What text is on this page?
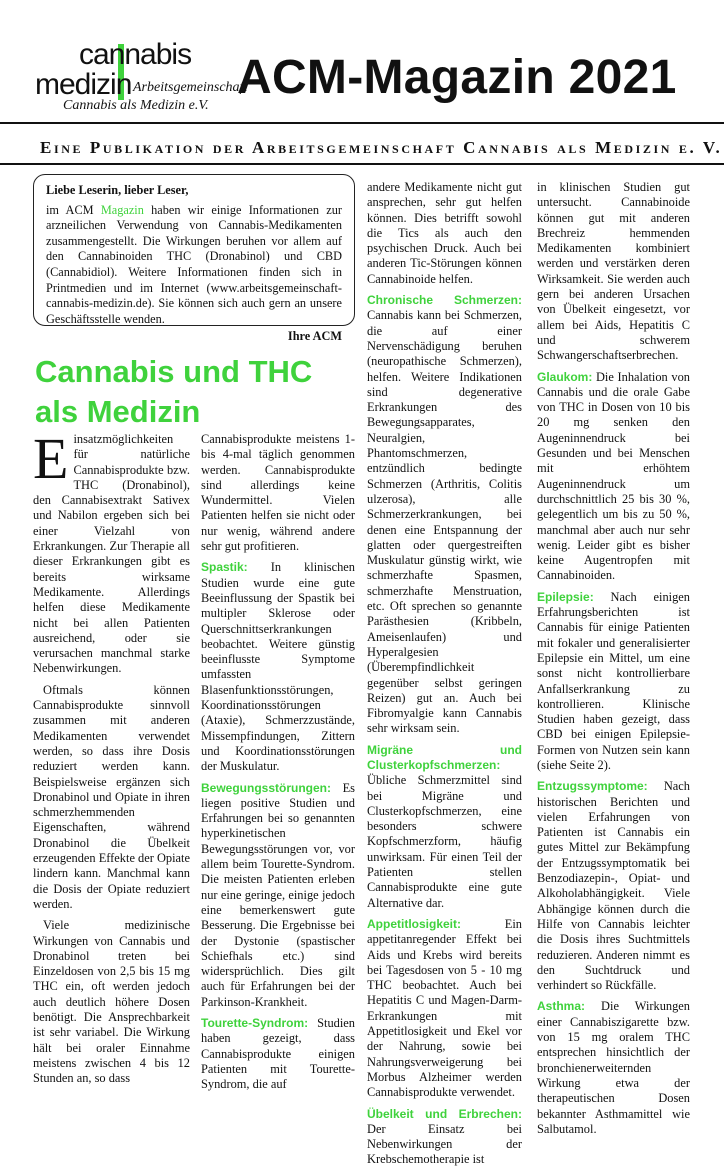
cannabis
medizin Arbeitsgemeinschaft
Cannabis als Medizin e.V.
ACM-Magazin 2021
Eine Publikation der Arbeitsgemeinschaft Cannabis als Medizin e. V.
Liebe Leserin, lieber Leser,
im ACM Magazin haben wir einige Informationen zur arzneilichen Verwendung von Cannabis-Medikamenten zusammengestellt. Die Wirkungen beruhen vor allem auf den Cannabinoiden THC (Dronabinol) und CBD (Cannabidiol). Weitere Informationen finden sich in Printmedien und im Internet (www.arbeitsgemeinschaft-cannabis-medizin.de). Sie können sich auch gern an unsere Geschäftsstelle wenden.
Ihre ACM
Cannabis und THC
als Medizin

Einsatzmöglichkeiten für natürliche Cannabisprodukte bzw. THC (Dronabinol), den Cannabisextrakt Sativex und Nabilon ergeben sich bei einer Vielzahl von Erkrankungen. Zur Therapie all dieser Erkrankungen gibt es bereits wirksame Medikamente. Allerdings helfen diese Medikamente nicht bei allen Patienten ausreichend, oder sie verursachen manchmal starke Nebenwirkungen.

Oftmals können Cannabisprodukte sinnvoll zusammen mit anderen Medikamenten verwendet werden, so dass ihre Dosis reduziert werden kann. Beispielsweise ergänzen sich Dronabinol und Opiate in ihren schmerzhemmenden Eigenschaften, während Dronabinol die Übelkeit erzeugenden Effekte der Opiate lindern kann. Manchmal kann die Dosis der Opiate reduziert werden.

Viele medizinische Wirkungen von Cannabis und Dronabinol treten bei Einzeldosen von 2,5 bis 15 mg THC ein, oft werden jedoch auch deutlich höhere Dosen benötigt. Die Ansprechbarkeit ist sehr variabel. Die Wirkung hält bei oraler Einnahme meistens zwischen 4 bis 12 Stunden an, so dass

Cannabisprodukte meistens 1-bis 4-mal täglich genommen werden. Cannabisprodukte sind allerdings keine Wundermittel. Vielen Patienten helfen sie nicht oder nur wenig, während andere sehr gut profitieren.

Spastik: In klinischen Studien wurde eine gute Beeinflussung der Spastik bei multipler Sklerose oder Querschnittserkrankungen beobachtet. Weitere günstig beeinflusste Symptome umfassten Blasenfunktionsstörungen, Koordinationsstörungen (Ataxie), Schmerzzustände, Missempfindungen, Zittern und Koordinationsstörungen der Muskulatur.

Bewegungsstörungen: Es liegen positive Studien und Erfahrungen bei so genannten hyperkinetischen Bewegungsstörungen vor, vor allem beim Tourette-Syndrom. Die meisten Patienten erleben nur eine geringe, einige jedoch eine bemerkenswert gute Besserung. Die Ergebnisse bei der Dystonie (spastischer Schiefhals etc.) sind widersprüchlich. Dies gilt auch für Erfahrungen bei der Parkinson-Krankheit.

Tourette-Syndrom: Studien haben gezeigt, dass Cannabisprodukte einigen Patienten mit Tourette-Syndrom, die auf

andere Medikamente nicht gut ansprechen, sehr gut helfen können. Dies betrifft sowohl die Tics als auch den psychischen Druck. Auch bei anderen Tic-Störungen können Cannabinoide helfen.

Chronische Schmerzen: Cannabis kann bei Schmerzen, die auf einer Nervenschädigung beruhen (neuropathische Schmerzen), helfen. Weitere Indikationen sind degenerative Erkrankungen des Bewegungsapparates, Neuralgien, Phantomschmerzen, entzündlich bedingte Schmerzen (Arthritis, Colitis ulzerosa), alle Schmerzerkrankungen, bei denen eine Entspannung der glatten oder quergestreiften Muskulatur günstig wirkt, wie schmerzhafte Spasmen, schmerzhafte Menstruation, etc. Oft sprechen so genannte Parästhesien (Kribbeln, Ameisenlaufen) und Hyperalgesien (Überempfindlichkeit gegenüber selbst geringen Reizen) gut an. Auch bei Fibromyalgie kann Cannabis sehr wirksam sein.

Migräne und Clusterkopfschmerzen: Übliche Schmerzmittel sind bei Migräne und Clusterkopfschmerzen, eine besonders schwere Kopfschmerzform, häufig unwirksam. Für einen Teil der Patienten stellen Cannabisprodukte eine gute Alternative dar.

Appetitlosigkeit: Ein appetitanregender Effekt bei Aids und Krebs wird bereits bei Tagesdosen von 5 - 10 mg THC beobachtet. Auch bei Hepatitis C und Magen-Darm-Erkrankungen mit Appetitlosigkeit und Ekel vor der Nahrung, sowie bei Nahrungsverweigerung bei Morbus Alzheimer werden Cannabisprodukte verwendet.

Übelkeit und Erbrechen: Der Einsatz bei Nebenwirkungen der Krebschemotherapie ist

in klinischen Studien gut untersucht. Cannabinoide können gut mit anderen Brechreiz hemmenden Medikamenten kombiniert werden und verstärken deren Wirksamkeit. Sie werden auch gern bei anderen Ursachen von Übelkeit eingesetzt, vor allem bei Aids, Hepatitis C und schwerem Schwangerschaftserbrechen.

Glaukom: Die Inhalation von Cannabis und die orale Gabe von THC in Dosen von 10 bis 20 mg senken den Augeninnendruck bei Gesunden und bei Menschen mit erhöhtem Augeninnendruck um durchschnittlich 25 bis 30 %, gelegentlich um bis zu 50 %, manchmal aber auch nur sehr wenig. Leider gibt es bisher keine Augentropfen mit Cannabinoiden.

Epilepsie: Nach einigen Erfahrungsberichten ist Cannabis für einige Patienten mit fokaler und generalisierter Epilepsie ein Mittel, um eine sonst nicht kontrollierbare Anfallserkrankung zu kontrollieren. Klinische Studien haben gezeigt, dass CBD bei einigen Epilepsie-Formen von Nutzen sein kann (siehe Seite 2).

Entzugssymptome: Nach historischen Berichten und vielen Erfahrungen von Patienten ist Cannabis ein gutes Mittel zur Bekämpfung der Entzugssymptomatik bei Benzodiazepin-, Opiat- und Alkoholabhängigkeit. Viele Abhängige können durch die Hilfe von Cannabis leichter die Dosis ihres Suchtmittels reduzieren. Anderen nimmt es den Suchtdruck und verhindert so Rückfälle.

Asthma: Die Wirkungen einer Cannabiszigarette bzw. von 15 mg oralem THC entsprechen hinsichtlich der bronchienerweiternden Wirkung etwa der therapeutischen Dosen bekannter Asthmamittel wie Salbutamol.
